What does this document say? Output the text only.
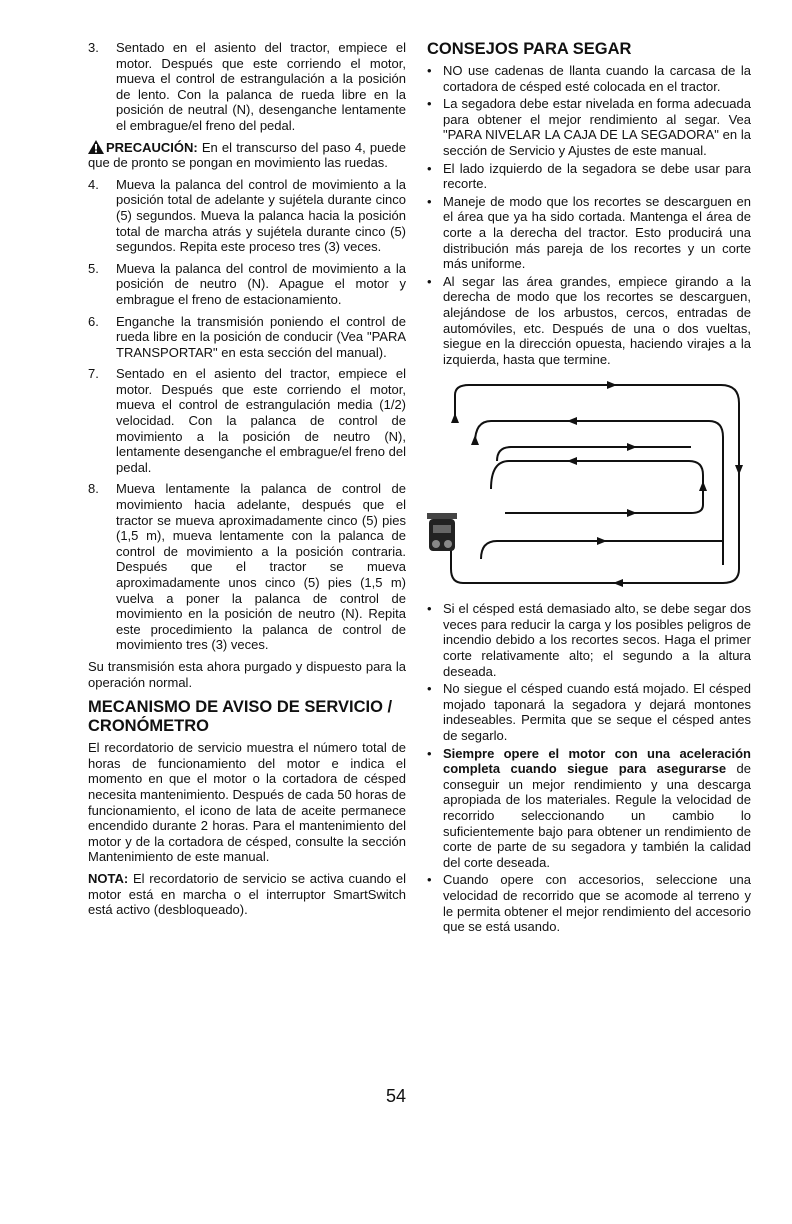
3.	Sentado en el asiento del tractor, empiece el motor. Después que este corriendo el motor, mueva el control de estrangulación a la posición de lento. Con la palanca de rueda libre en la posición de neutral (N), desenganche lentamente el embrague/el freno del pedal.

PRECAUCIÓN: En el transcurso del paso 4, puede que de pronto se pongan en movimiento las ruedas.

4.	Mueva la palanca del control de movimiento a la posición total de adelante y sujétela durante cinco (5) segundos. Mueva la palanca hacia la posición total de marcha atrás y sujétela durante cinco (5) segundos. Repita este proceso tres (3) veces.
5.	Mueva la palanca del control de movimiento a la posición de neutro (N). Apague el motor y embrague el freno de estacionamiento.
6.	Enganche la transmisión poniendo el control de rueda libre en la posición de conducir (Vea "PARA TRANSPORTAR" en esta sección del manual).
7.	Sentado en el asiento del tractor, empiece el motor. Después que este corriendo el motor, mueva el control de estrangulación media (1/2) velocidad. Con la palanca de control de movimiento a la posición de neutro (N), lentamente desenganche el embrague/el freno del pedal.
8.	Mueva lentamente la palanca de control de movimiento hacia adelante, después que el tractor se mueva aproximadamente cinco (5) pies (1,5 m), mueva lentamente con la palanca de control de movimiento a la posición contraria. Después que el tractor se mueva aproximadamente unos cinco (5) pies (1,5 m) vuelva a poner la palanca de control de movimiento en la posición de neutro (N). Repita este procedimiento la palanca de control de movimiento tres (3) veces.

Su transmisión esta ahora purgado y dispuesto para la operación normal.

MECANISMO DE AVISO DE SERVICIO / CRONÓMETRO

El recordatorio de servicio muestra el número total de horas de funcionamiento del motor e indica el momento en que el motor o la cortadora de césped necesita mantenimiento. Después de cada 50 horas de funcionamiento, el icono de lata de aceite permanece encendido durante 2 horas. Para el mantenimiento del motor y de la cortadora de césped, consulte la sección Mantenimiento de este manual.

NOTA: El recordatorio de servicio se activa cuando el motor está en marcha o el interruptor SmartSwitch está activo (desbloqueado).

CONSEJOS PARA SEGAR
• NO use cadenas de llanta cuando la carcasa de la cortadora de césped esté colocada en el tractor.
• La segadora debe estar nivelada en forma adecuada para obtener el mejor rendimiento al segar. Vea "PARA NIVELAR LA CAJA DE LA SEGADORA" en la sección de Servicio y Ajustes de este manual.
• El lado izquierdo de la segadora se debe usar para recorte.
• Maneje de modo que los recortes se descarguen en el área que ya ha sido cortada. Mantenga el área de corte a la derecha del tractor. Esto producirá una distribución más pareja de los recortes y un corte más uniforme.
• Al segar las área grandes, empiece girando a la derecha de modo que los recortes se descarguen, alejándose de los arbustos, cercos, entradas de automóviles, etc. Después de una o dos vueltas, siegue en la dirección opuesta, haciendo virajes a la izquierda, hasta que termine.
• Si el césped está demasiado alto, se debe segar dos veces para reducir la carga y los posibles peligros de incendio debido a los recortes secos. Haga el primer corte relativamente alto; el segundo a la altura deseada.
• No siegue el césped cuando está mojado. El césped mojado taponará la segadora y dejará montones indeseables. Permita que se seque el césped antes de segarlo.
• Siempre opere el motor con una aceleración completa cuando siegue para asegurarse de conseguir un mejor rendimiento y una descarga apropiada de los materiales. Regule la velocidad de recorrido seleccionando un cambio lo suficientemente bajo para obtener un rendimiento de corte de parte de su segadora y también la calidad del corte deseada.
• Cuando opere con accesorios, seleccione una velocidad de recorrido que se acomode al terreno y le permita obtener el mejor rendimiento del accesorio que se está usando.
54
